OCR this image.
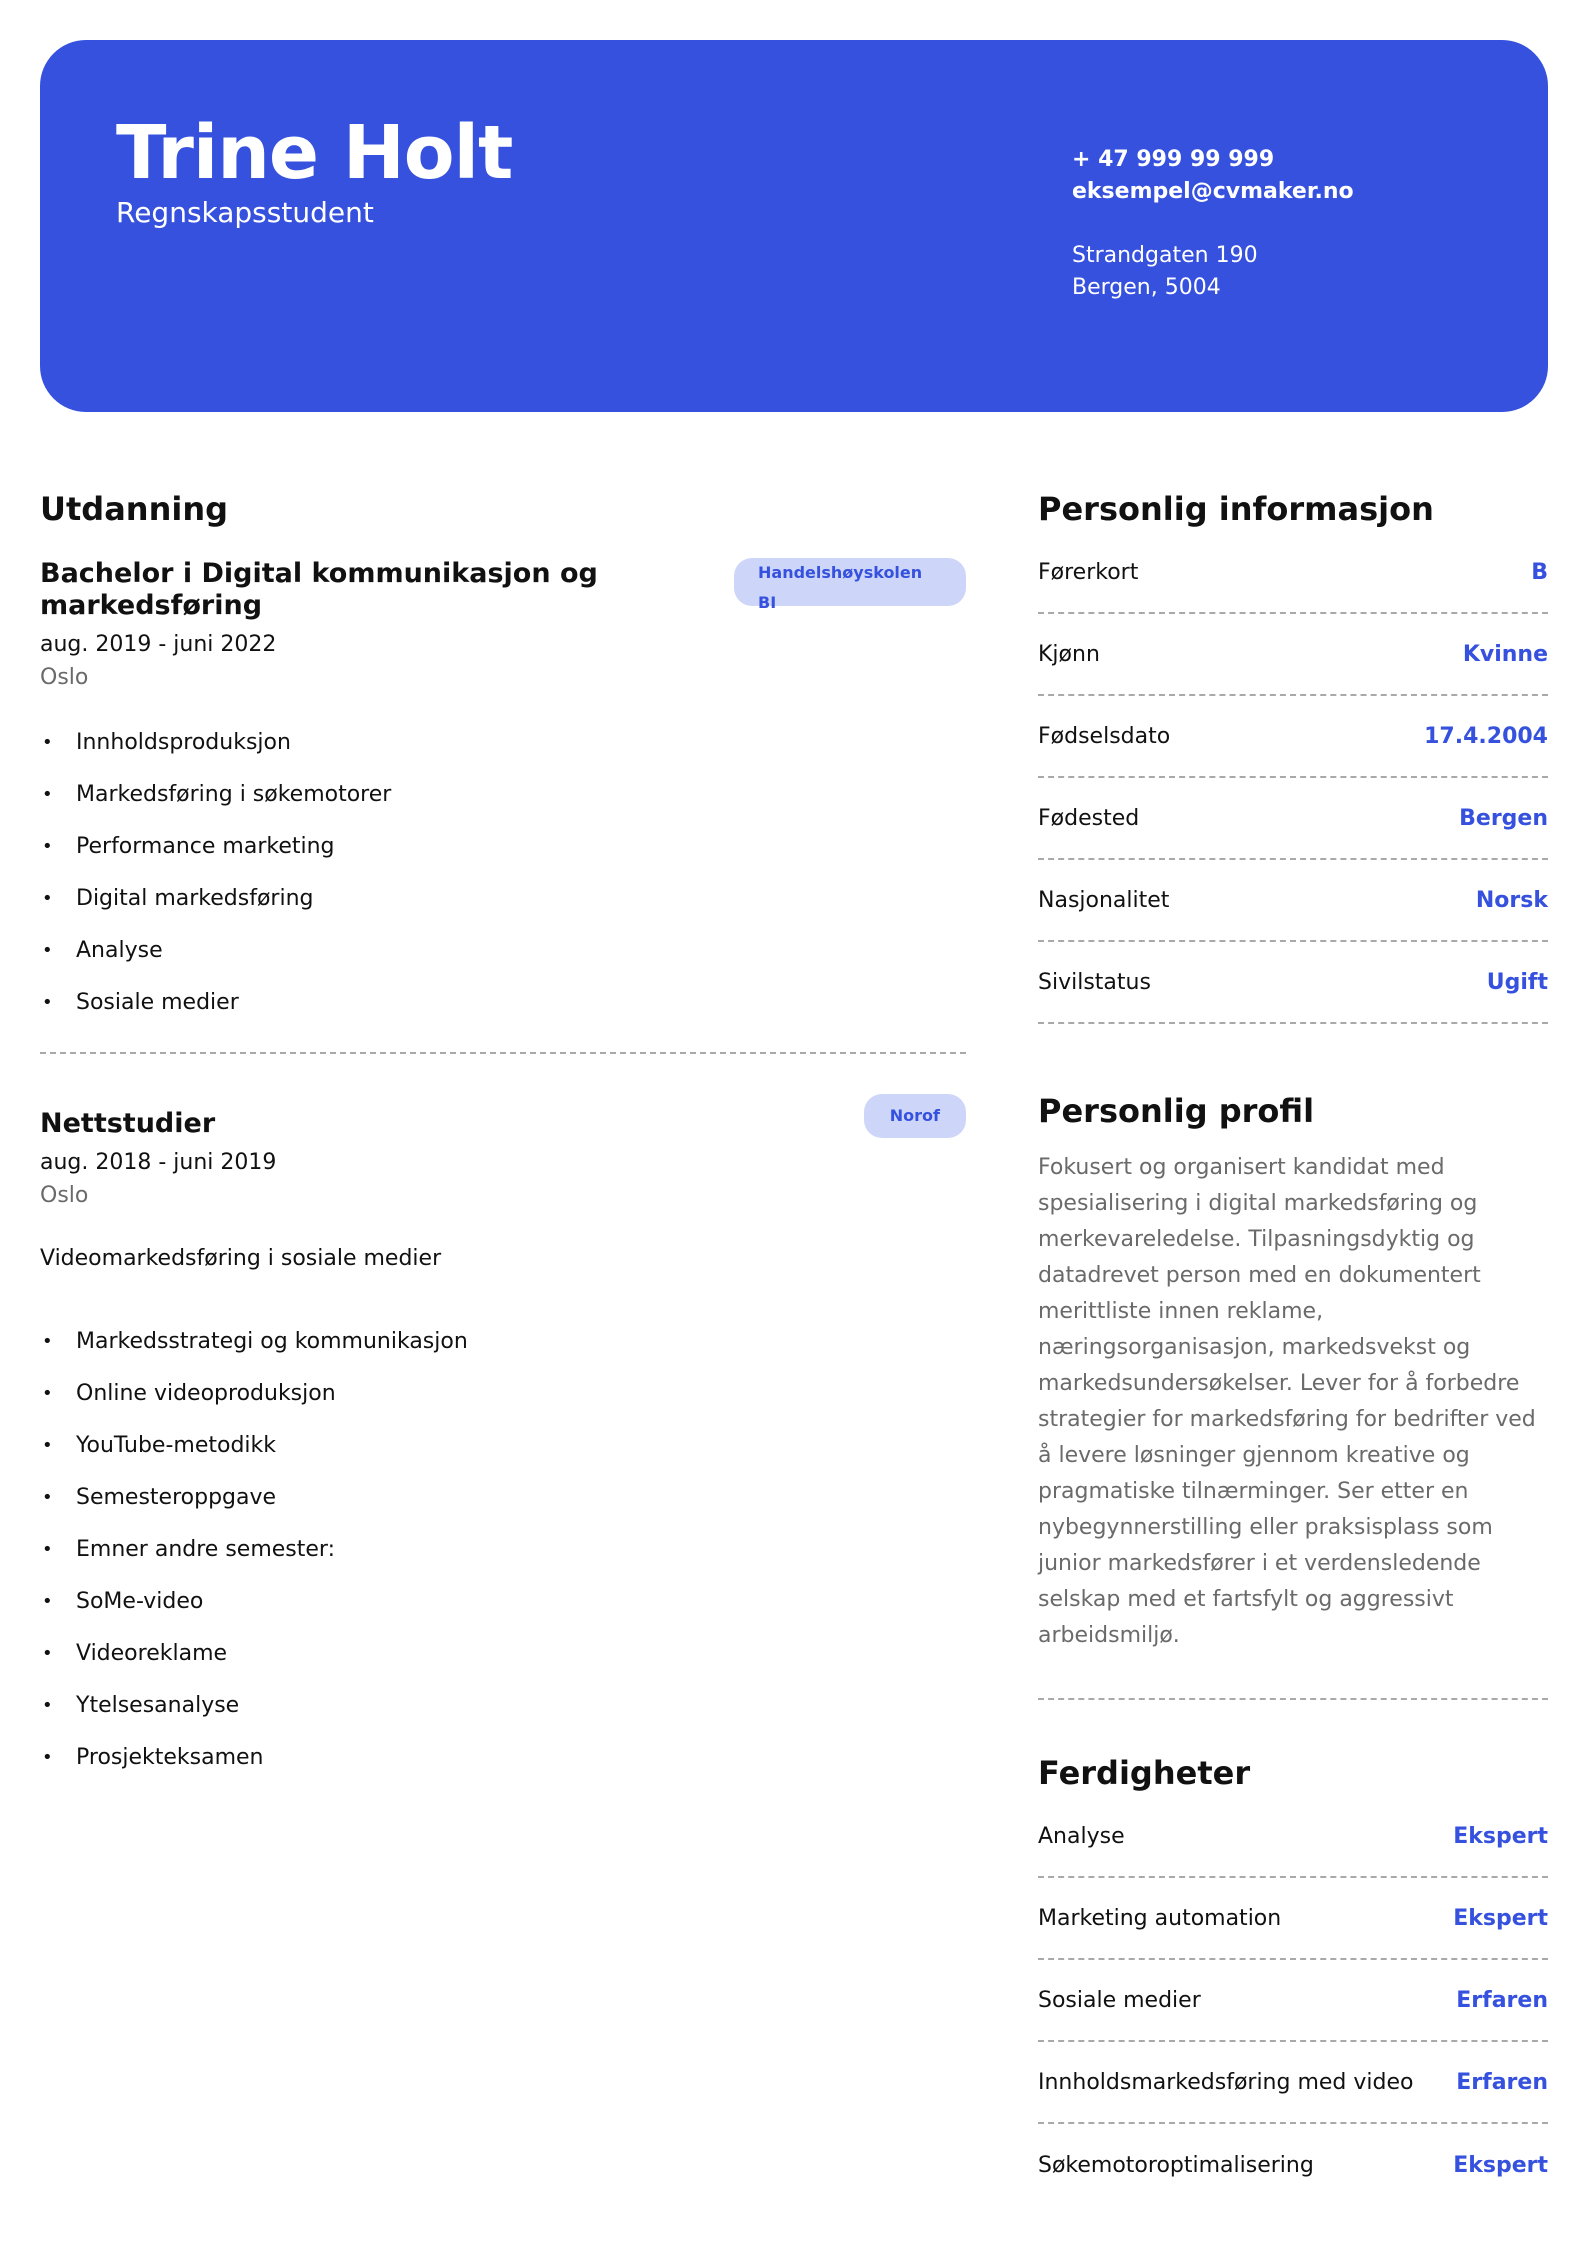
Trine Holt
Regnskapsstudent
+ 47 999 99 999
eksempel@cvmaker.no
Strandgaten 190
Bergen, 5004
Utdanning
Handelshøyskolen BI
Bachelor i Digital kommunikasjon og markedsføring
aug. 2019 - juni 2022
Oslo
• Innholdsproduksjon
• Markedsføring i søkemotorer
• Performance marketing
• Digital markedsføring
• Analyse
• Sosiale medier
Norof
Nettstudier
aug. 2018 - juni 2019
Oslo
Videomarkedsføring i sosiale medier
• Markedsstrategi og kommunikasjon
• Online videoproduksjon
• YouTube-metodikk
• Semesteroppgave
• Emner andre semester:
• SoMe-video
• Videoreklame
• Ytelsesanalyse
• Prosjekteksamen
Personlig informasjon
Førerkort	B
Kjønn	Kvinne
Fødselsdato	17.4.2004
Fødested	Bergen
Nasjonalitet	Norsk
Sivilstatus	Ugift
Personlig profil
Fokusert og organisert kandidat med spesialisering i digital markedsføring og merkevareledelse. Tilpasningsdyktig og datadrevet person med en dokumentert merittliste innen reklame, næringsorganisasjon, markedsvekst og markedsundersøkelser. Lever for å forbedre strategier for markedsføring for bedrifter ved å levere løsninger gjennom kreative og pragmatiske tilnærminger. Ser etter en nybegynnerstilling eller praksisplass som junior markedsfører i et verdensledende selskap med et fartsfylt og aggressivt arbeidsmiljø.
Ferdigheter
Analyse	Ekspert
Marketing automation	Ekspert
Sosiale medier	Erfaren
Innholdsmarkedsføring med video Erfaren
Søkemotoroptimalisering	Ekspert
